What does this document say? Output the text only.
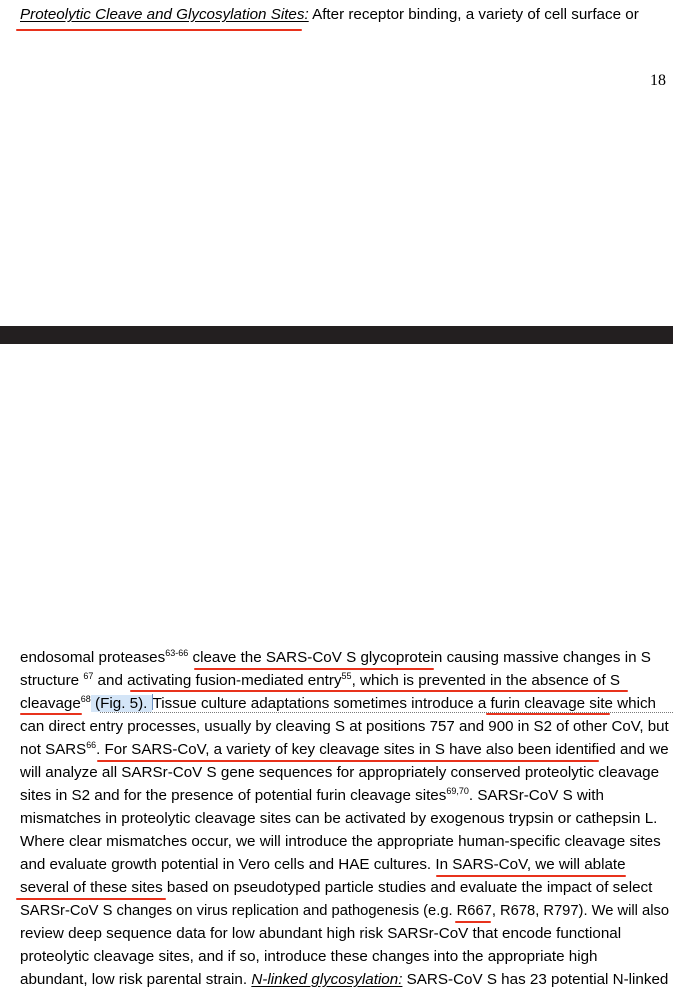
Proteolytic Cleave and Glycosylation Sites: After receptor binding, a variety of cell surface or
18
endosomal proteases$^{63-66}$ cleave the SARS-CoV S glycoprotein causing massive changes in S
structure $^{67}$ and activating fusion-mediated entry$^{55}$, which is prevented in the absence of S
cleavage$^{68}$ (Fig. 5). Tissue culture adaptations sometimes introduce a furin cleavage site which
can direct entry processes, usually by cleaving S at positions 757 and 900 in S2 of other CoV, but
not SARS$^{66}$. For SARS-CoV, a variety of key cleavage sites in S have also been identified and we
will analyze all SARSr-CoV S gene sequences for appropriately conserved proteolytic cleavage
sites in S2 and for the presence of potential furin cleavage sites$^{69,70}$. SARSr-CoV S with
mismatches in proteolytic cleavage sites can be activated by exogenous trypsin or cathepsin L.
Where clear mismatches occur, we will introduce the appropriate human-specific cleavage sites
and evaluate growth potential in Vero cells and HAE cultures. In SARS-CoV, we will ablate
several of these sites based on pseudotyped particle studies and evaluate the impact of select
SARSr-CoV S changes on virus replication and pathogenesis (e.g. R667, R678, R797). We will also
review deep sequence data for low abundant high risk SARSr-CoV that encode functional
proteolytic cleavage sites, and if so, introduce these changes into the appropriate high
abundant, low risk parental strain. N-linked glycosylation: SARS-CoV S has 23 potential N-linked
